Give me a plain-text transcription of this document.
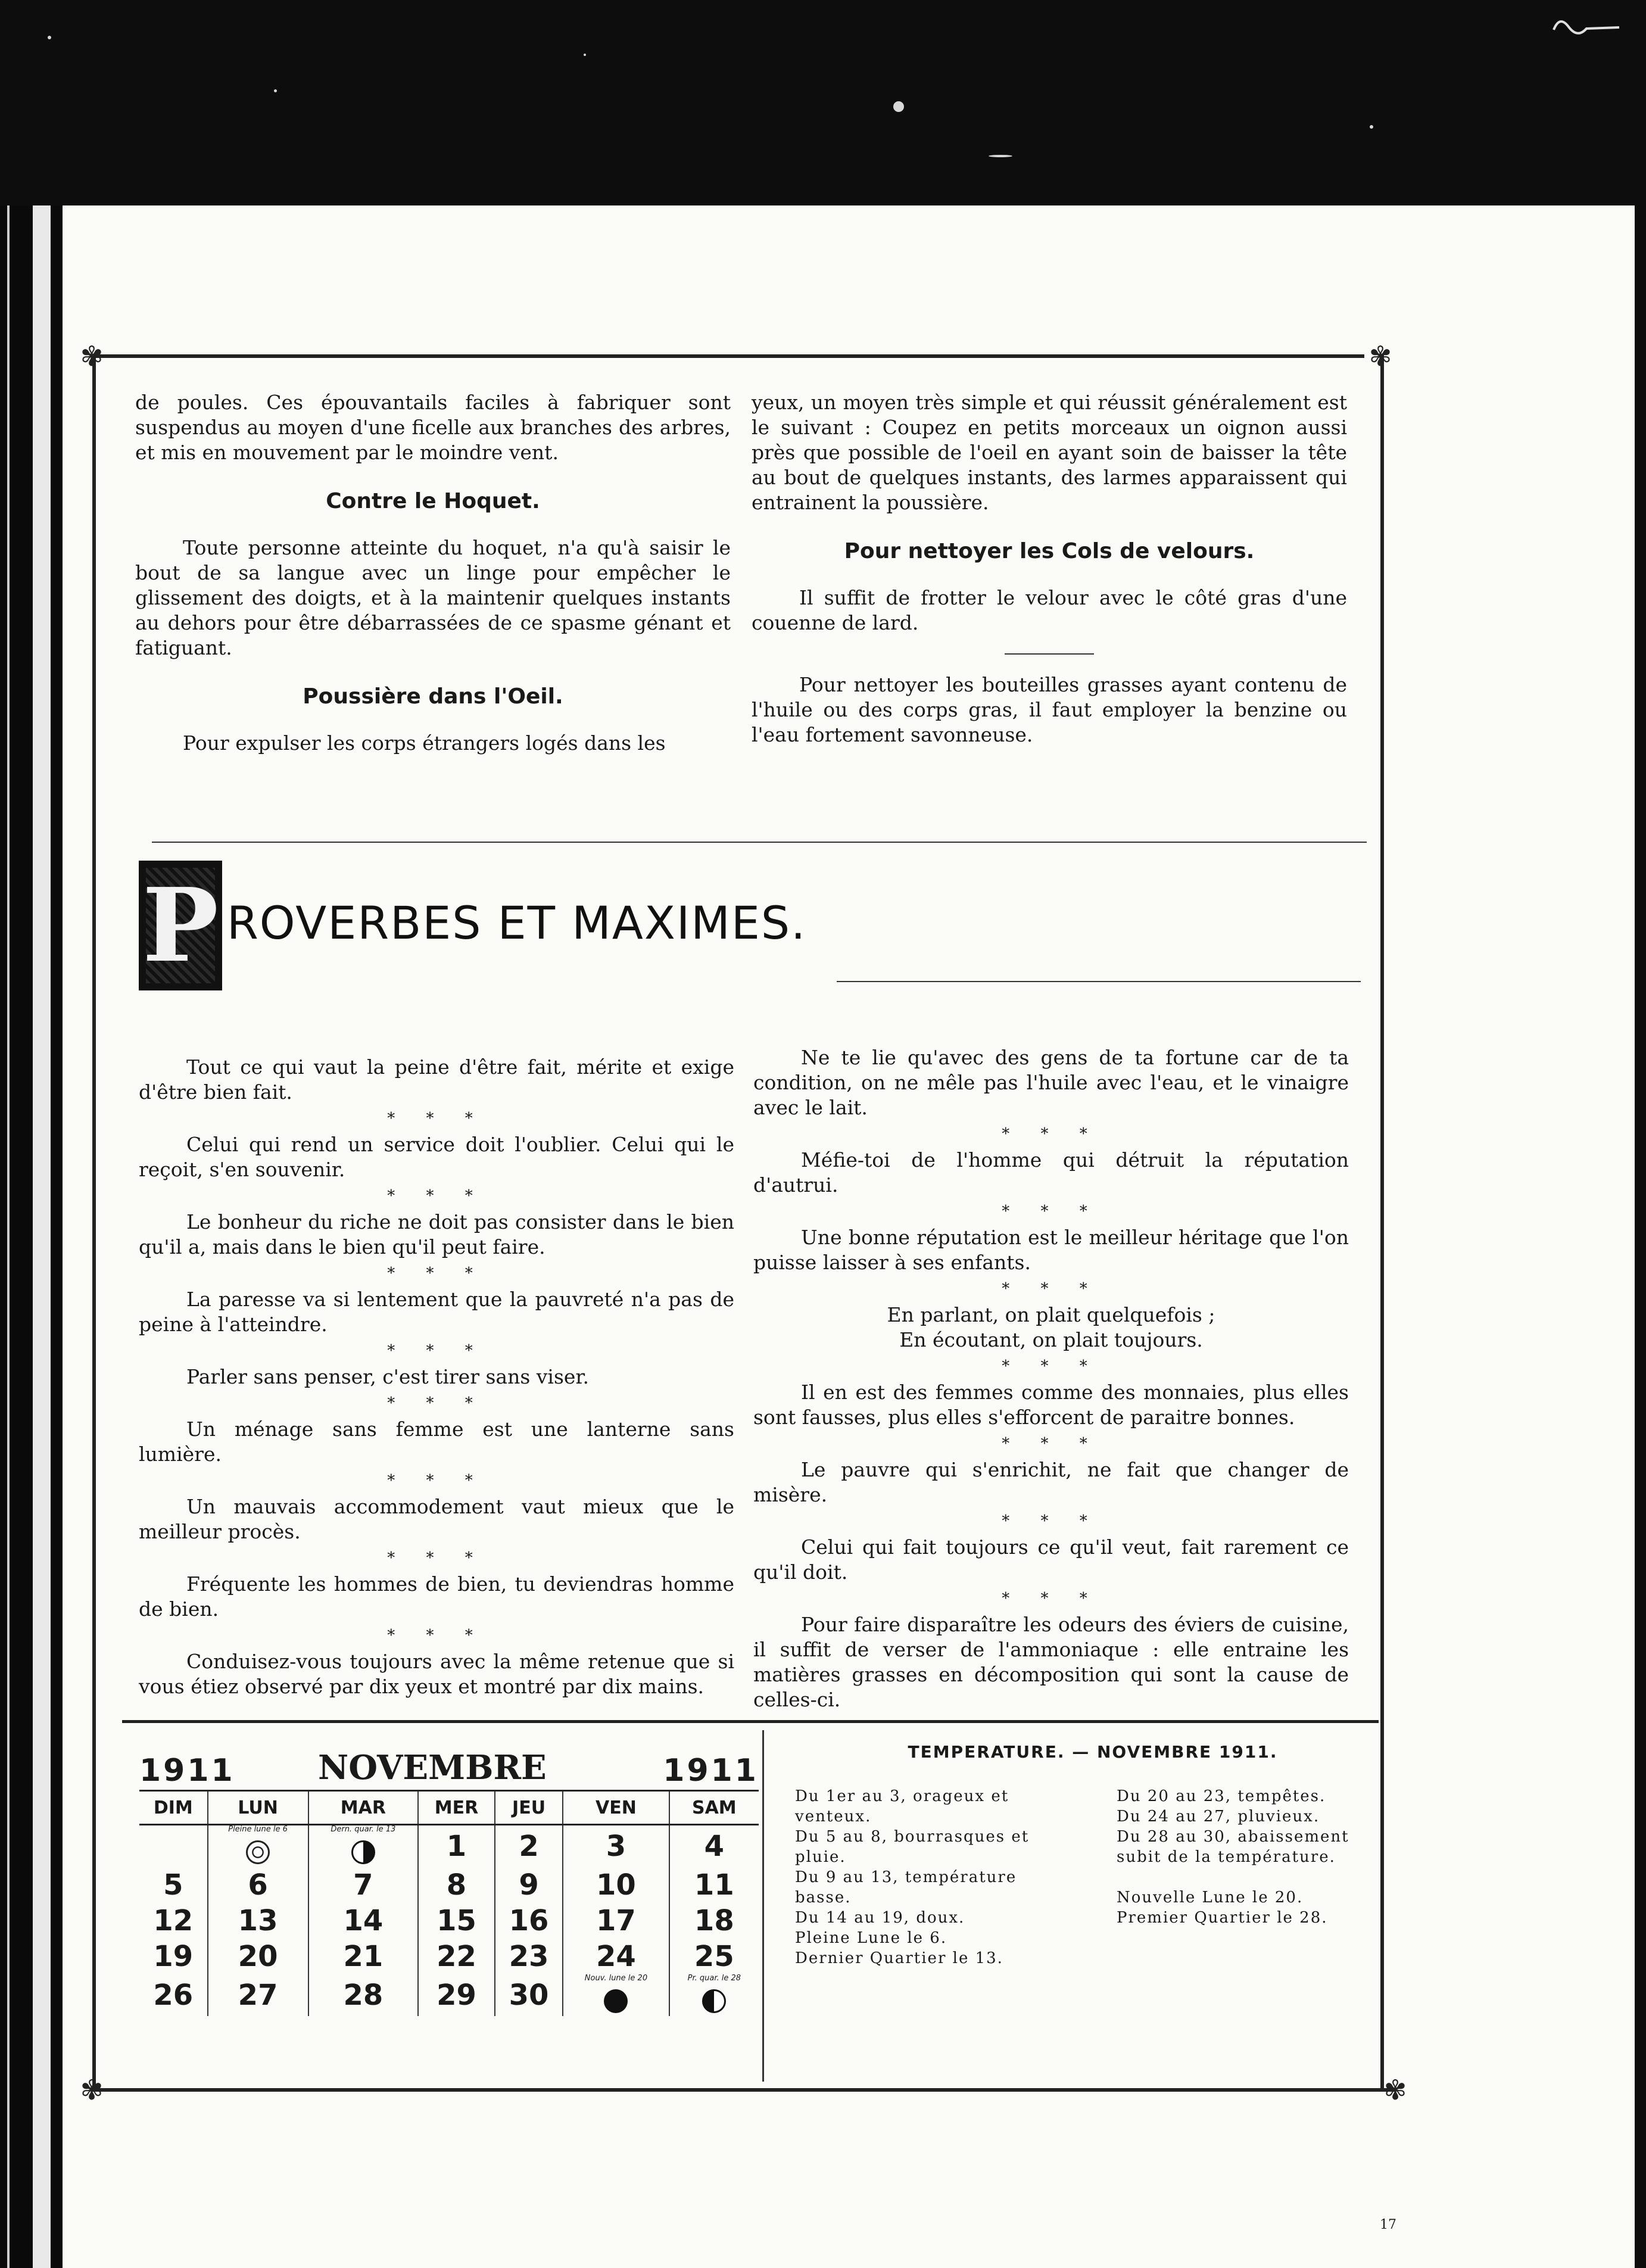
✾	✾
✾	✾

de poules. Ces épouvantails faciles à fabriquer sont suspendus au moyen d'une ficelle aux branches des arbres, et mis en mouvement par le moindre vent.

Contre le Hoquet.

Toute personne atteinte du hoquet, n'a qu'à saisir le bout de sa langue avec un linge pour empêcher le glissement des doigts, et à la maintenir quelques instants au dehors pour être débarrassées de ce spasme génant et fatiguant.

Poussière dans l'Oeil.

Pour expulser les corps étrangers logés dans les

yeux, un moyen très simple et qui réussit généralement est le suivant : Coupez en petits morceaux un oignon aussi près que possible de l'oeil en ayant soin de baisser la tête au bout de quelques instants, des larmes apparaissent qui entrainent la poussière.

Pour nettoyer les Cols de velours.

Il suffit de frotter le velour avec le côté gras d'une couenne de lard.

Pour nettoyer les bouteilles grasses ayant contenu de l'huile ou des corps gras, il faut employer la benzine ou l'eau fortement savonneuse.

P ROVERBES ET MAXIMES.

Tout ce qui vaut la peine d'être fait, mérite et exige d'être bien fait.

* * *

Celui qui rend un service doit l'oublier. Celui qui le reçoit, s'en souvenir.

* * *

Le bonheur du riche ne doit pas consister dans le bien qu'il a, mais dans le bien qu'il peut faire.

* * *

La paresse va si lentement que la pauvreté n'a pas de peine à l'atteindre.

* * *

Parler sans penser, c'est tirer sans viser.

* * *

Un ménage sans femme est une lanterne sans lumière.

* * *

Un mauvais accommodement vaut mieux que le meilleur procès.

* * *

Fréquente les hommes de bien, tu deviendras homme de bien.

* * *

Conduisez-vous toujours avec la même retenue que si vous étiez observé par dix yeux et montré par dix mains.

Ne te lie qu'avec des gens de ta fortune car de ta condition, on ne mêle pas l'huile avec l'eau, et le vinaigre avec le lait.

* * *

Méfie-toi de l'homme qui détruit la réputation d'autrui.

* * *

Une bonne réputation est le meilleur héritage que l'on puisse laisser à ses enfants.

* * *
En parlant, on plait quelquefois ;
En écoutant, on plait toujours.
* * *

Il en est des femmes comme des monnaies, plus elles sont fausses, plus elles s'efforcent de paraitre bonnes.

* * *

Le pauvre qui s'enrichit, ne fait que changer de misère.

* * *

Celui qui fait toujours ce qu'il veut, fait rarement ce qu'il doit.

* * *

Pour faire disparaître les odeurs des éviers de cuisine, il suffit de verser de l'ammoniaque : elle entraine les matières grasses en décomposition qui sont la cause de celles-ci.

1911 NOVEMBRE	1911
DIM	LUN	MAR	MER	JEU	VEN	SAM

	Pleine lune le 6	Dern. quar. le 13	1	2	3	4
5	6	7	8	9	10	11
12	13	14	15	16	17	18
19	20	21	22	23	24	25
26	27	28	29	30	Nouv. lune le 20	Pr. quar. le 28
TEMPERATURE. — NOVEMBRE 1911.

Du 1er au 3, orageux et venteux.

Du 5 au 8, bourrasques et pluie.

Du 9 au 13, température basse.

Du 14 au 19, doux.

Pleine Lune le 6.

Dernier Quartier le 13.

Du 20 au 23, tempêtes.

Du 24 au 27, pluvieux.

Du 28 au 30, abaissement subit de la température.

Nouvelle Lune le 20.

Premier Quartier le 28.

17
